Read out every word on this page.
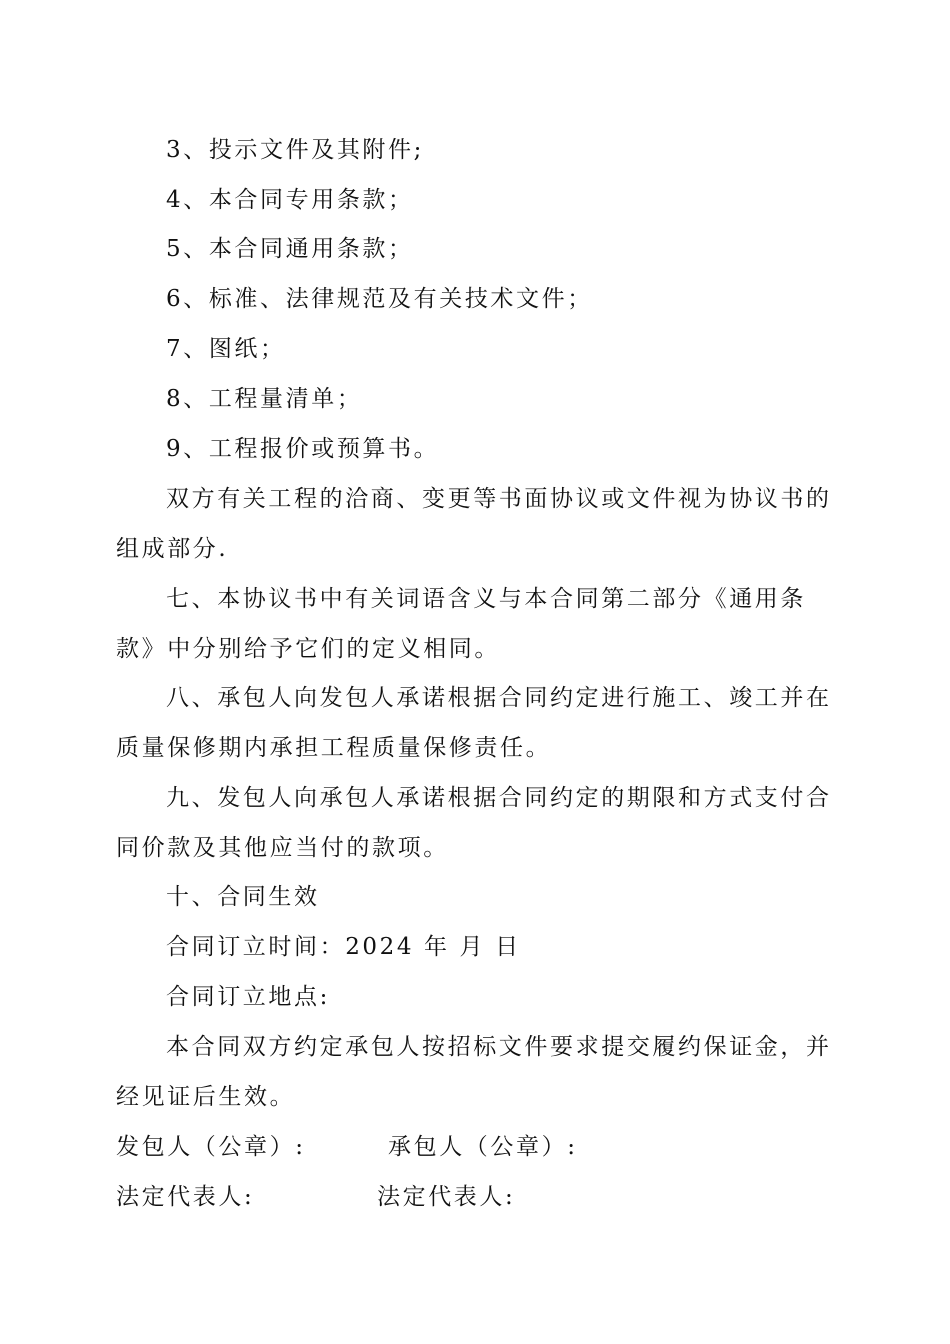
3、投示文件及其附件;
4、本合同专用条款；
5、本合同通用条款；
6、标准、法律规范及有关技术文件；
7、图纸；
8、工程量清单；
9、工程报价或预算书。
双方有关工程的洽商、变更等书面协议或文件视为协议书的
组成部分.
七、本协议书中有关词语含义与本合同第二部分《通用条
款》中分别给予它们的定义相同。
八、承包人向发包人承诺根据合同约定进行施工、竣工并在
质量保修期内承担工程质量保修责任。
九、发包人向承包人承诺根据合同约定的期限和方式支付合
同价款及其他应当付的款项。
十、合同生效
合同订立时间：2024 年 月 日
合同订立地点:
本合同双方约定承包人按招标文件要求提交履约保证金，并
经见证后生效。
发包人（公章）:	承包人（公章）:
法定代表人:	法定代表人:
